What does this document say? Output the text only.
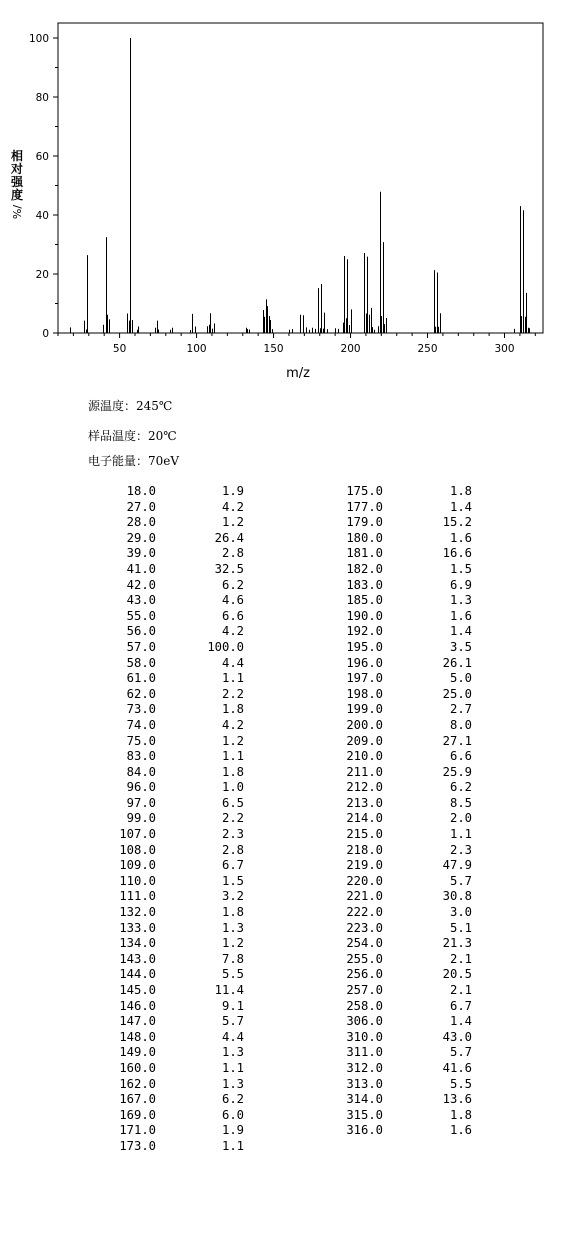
0
20
40
60
80
100
50	100	150	200	250	300
m/z
相
对
强
度
%/
源温度：245℃
样品温度：20℃
电子能量：70eV
18.0	1.9	175.0	1.8
27.0	4.2	177.0	1.4
28.0	1.2	179.0	15.2
29.0	26.4	180.0	1.6
39.0	2.8	181.0	16.6
41.0	32.5	182.0	1.5
42.0	6.2	183.0	6.9
43.0	4.6	185.0	1.3
55.0	6.6	190.0	1.6
56.0	4.2	192.0	1.4
57.0	100.0	195.0	3.5
58.0	4.4	196.0	26.1
61.0	1.1	197.0	5.0
62.0	2.2	198.0	25.0
73.0	1.8	199.0	2.7
74.0	4.2	200.0	8.0
75.0	1.2	209.0	27.1
83.0	1.1	210.0	6.6
84.0	1.8	211.0	25.9
96.0	1.0	212.0	6.2
97.0	6.5	213.0	8.5
99.0	2.2	214.0	2.0
107.0	2.3	215.0	1.1
108.0	2.8	218.0	2.3
109.0	6.7	219.0	47.9
110.0	1.5	220.0	5.7
111.0	3.2	221.0	30.8
132.0	1.8	222.0	3.0
133.0	1.3	223.0	5.1
134.0	1.2	254.0	21.3
143.0	7.8	255.0	2.1
144.0	5.5	256.0	20.5
145.0	11.4	257.0	2.1
146.0	9.1	258.0	6.7
147.0	5.7	306.0	1.4
148.0	4.4	310.0	43.0
149.0	1.3	311.0	5.7
160.0	1.1	312.0	41.6
162.0	1.3	313.0	5.5
167.0	6.2	314.0	13.6
169.0	6.0	315.0	1.8
171.0	1.9	316.0	1.6
173.0	1.1		
